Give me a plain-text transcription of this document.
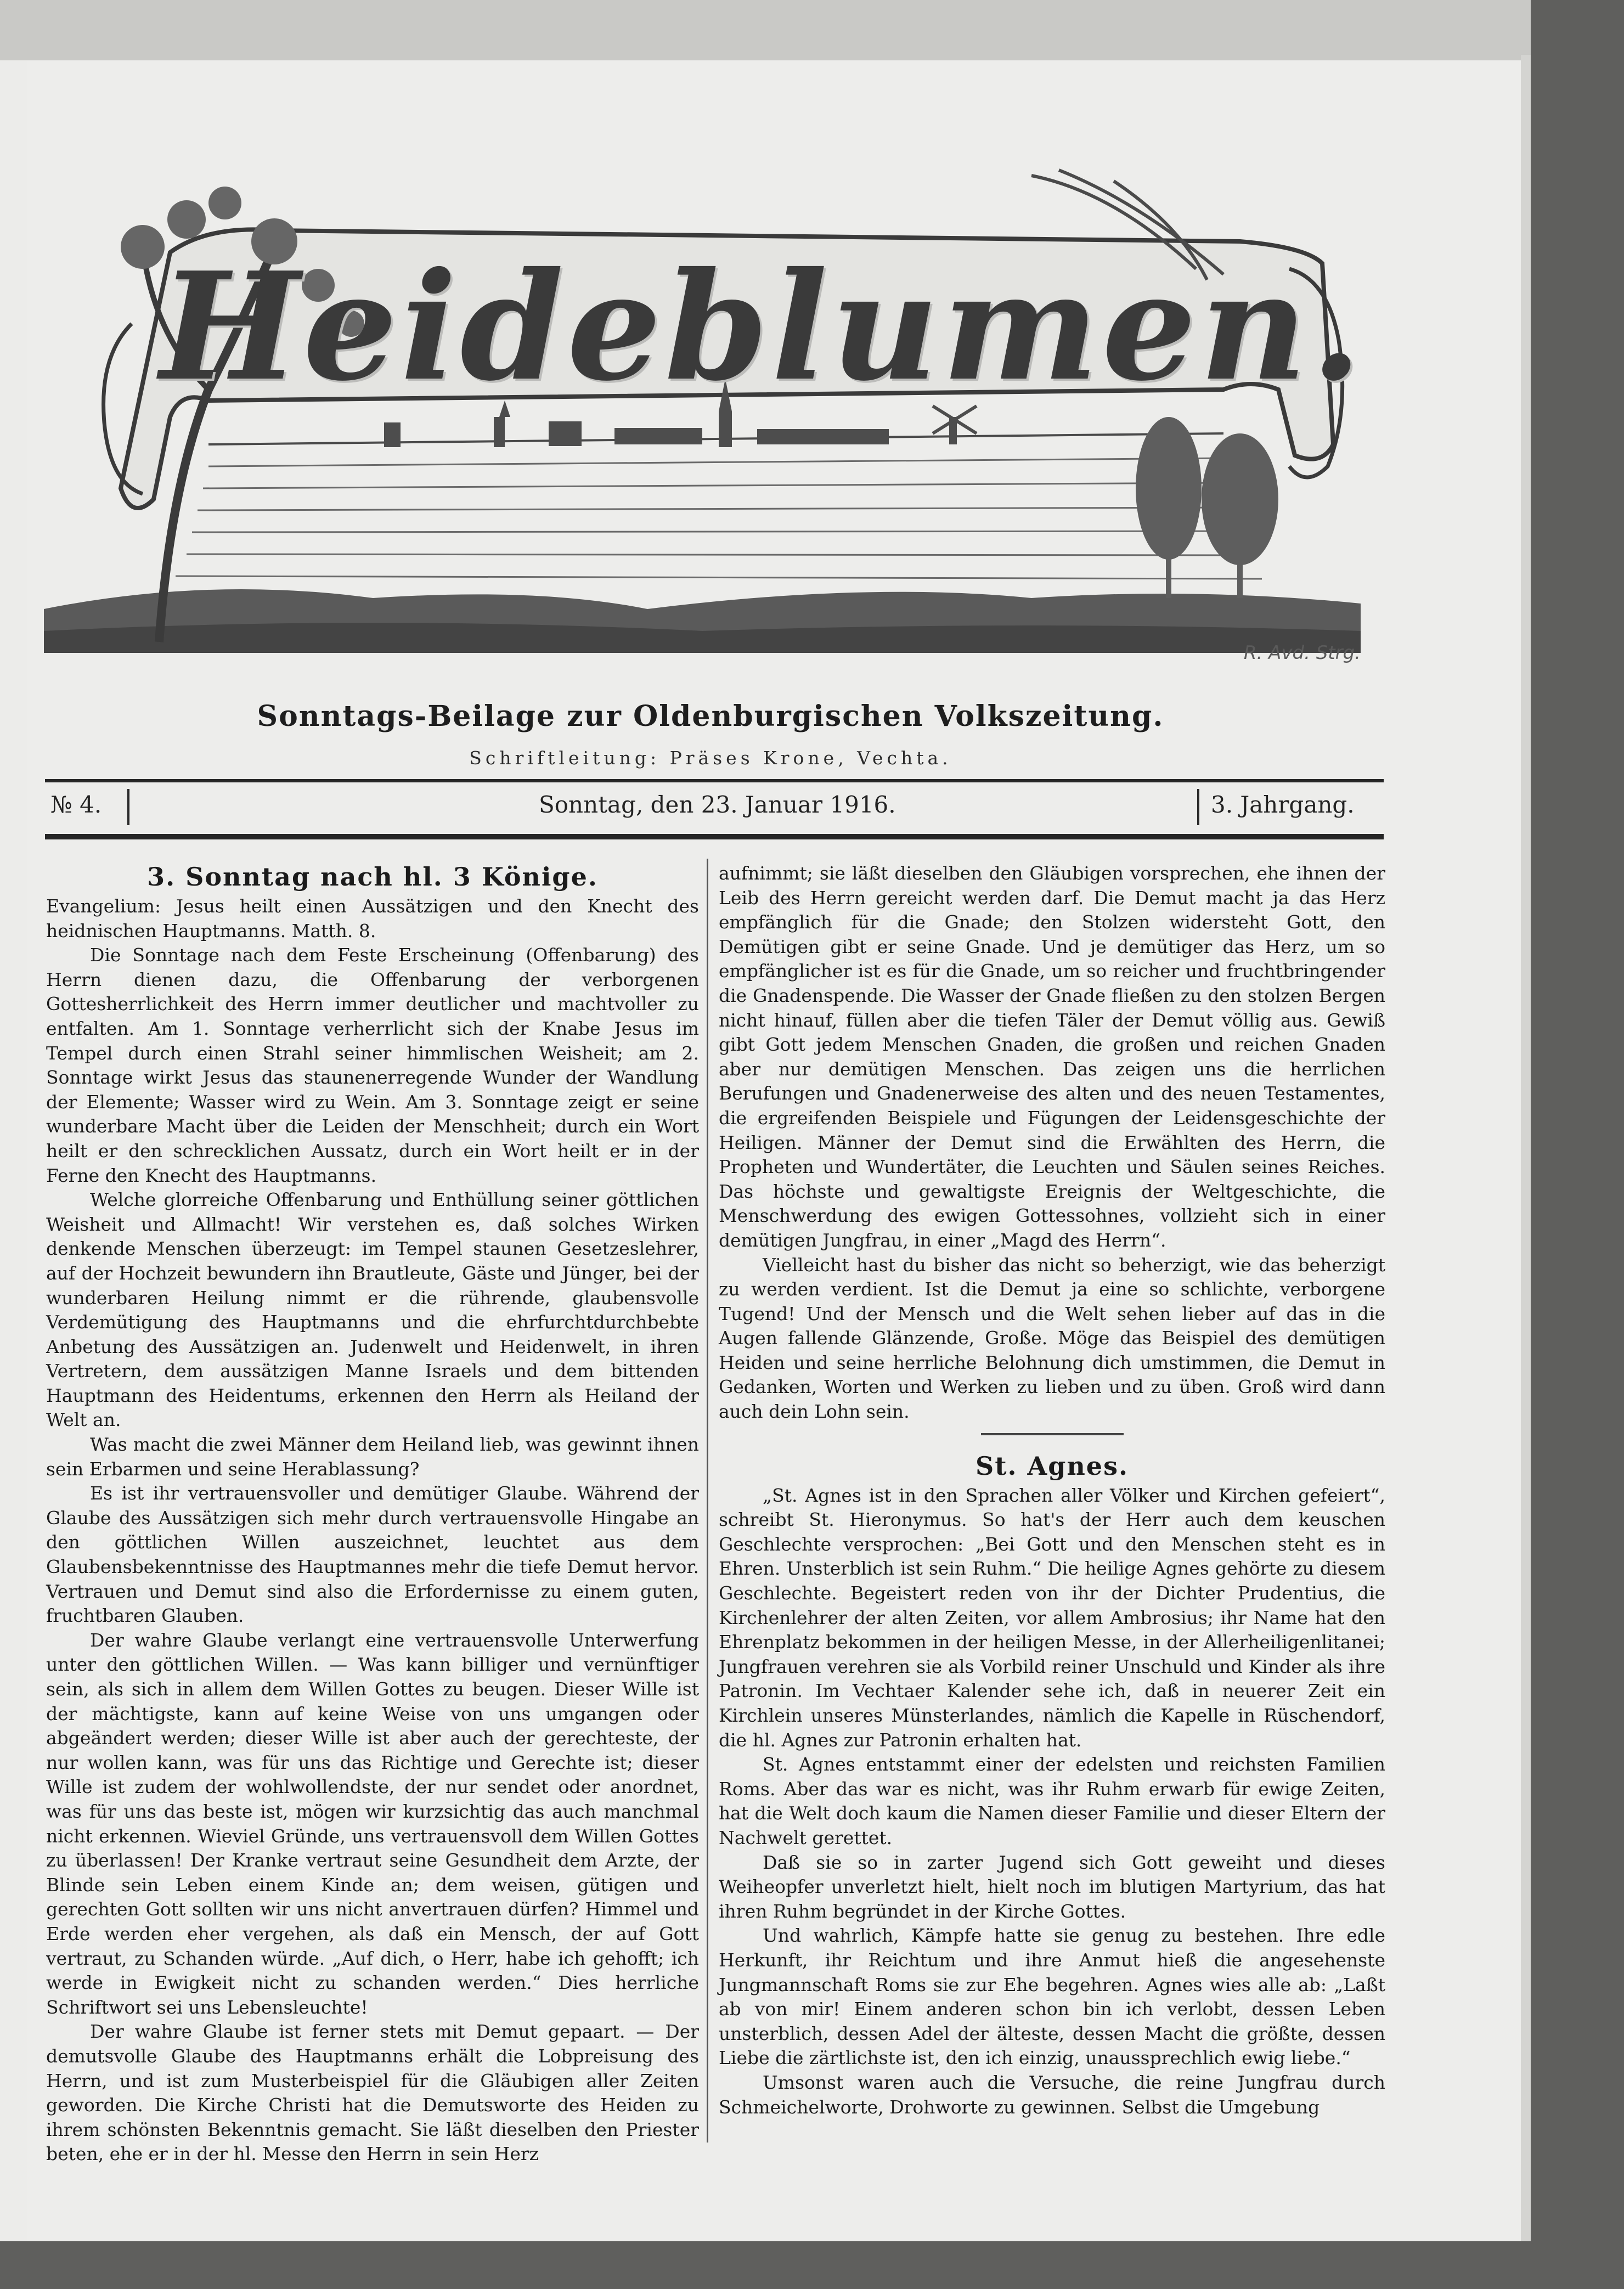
Heideblumen.
R. Avd. Strg.
Sonntags-Beilage zur Oldenburgischen Volkszeitung.
Schriftleitung: Präses Krone, Vechta.
№ 4.	Sonntag, den 23. Januar 1916.	3. Jahrgang.
3. Sonntag nach hl. 3 Könige.

Evangelium: Jesus heilt einen Aussätzigen und den Knecht des heidnischen Hauptmanns. Matth. 8.

Die Sonntage nach dem Feste Erscheinung (Offenbarung) des Herrn dienen dazu, die Offenbarung der verborgenen Gottesherrlichkeit des Herrn immer deutlicher und machtvoller zu entfalten. Am 1. Sonntage verherrlicht sich der Knabe Jesus im Tempel durch einen Strahl seiner himmlischen Weisheit; am 2. Sonntage wirkt Jesus das staunenerregende Wunder der Wandlung der Elemente; Wasser wird zu Wein. Am 3. Sonntage zeigt er seine wunderbare Macht über die Leiden der Menschheit; durch ein Wort heilt er den schrecklichen Aussatz, durch ein Wort heilt er in der Ferne den Knecht des Hauptmanns.

Welche glorreiche Offenbarung und Enthüllung seiner göttlichen Weisheit und Allmacht! Wir verstehen es, daß solches Wirken denkende Menschen überzeugt: im Tempel staunen Gesetzeslehrer, auf der Hochzeit bewundern ihn Brautleute, Gäste und Jünger, bei der wunderbaren Heilung nimmt er die rührende, glaubensvolle Verdemütigung des Hauptmanns und die ehrfurchtdurchbebte Anbetung des Aussätzigen an. Judenwelt und Heidenwelt, in ihren Vertretern, dem aussätzigen Manne Israels und dem bittenden Hauptmann des Heidentums, erkennen den Herrn als Heiland der Welt an.

Was macht die zwei Männer dem Heiland lieb, was gewinnt ihnen sein Erbarmen und seine Herablassung?

Es ist ihr vertrauensvoller und demütiger Glaube. Während der Glaube des Aussätzigen sich mehr durch vertrauensvolle Hingabe an den göttlichen Willen auszeichnet, leuchtet aus dem Glaubensbekenntnisse des Hauptmannes mehr die tiefe Demut hervor. Vertrauen und Demut sind also die Erfordernisse zu einem guten, fruchtbaren Glauben.

Der wahre Glaube verlangt eine vertrauensvolle Unterwerfung unter den göttlichen Willen. — Was kann billiger und vernünftiger sein, als sich in allem dem Willen Gottes zu beugen. Dieser Wille ist der mächtigste, kann auf keine Weise von uns umgangen oder abgeändert werden; dieser Wille ist aber auch der gerechteste, der nur wollen kann, was für uns das Richtige und Gerechte ist; dieser Wille ist zudem der wohlwollendste, der nur sendet oder anordnet, was für uns das beste ist, mögen wir kurzsichtig das auch manchmal nicht erkennen. Wieviel Gründe, uns vertrauensvoll dem Willen Gottes zu überlassen! Der Kranke vertraut seine Gesundheit dem Arzte, der Blinde sein Leben einem Kinde an; dem weisen, gütigen und gerechten Gott sollten wir uns nicht anvertrauen dürfen? Himmel und Erde werden eher vergehen, als daß ein Mensch, der auf Gott vertraut, zu Schanden würde. „Auf dich, o Herr, habe ich gehofft; ich werde in Ewigkeit nicht zu schanden werden.“ Dies herrliche Schriftwort sei uns Lebensleuchte!

Der wahre Glaube ist ferner stets mit Demut gepaart. — Der demutsvolle Glaube des Hauptmanns erhält die Lobpreisung des Herrn, und ist zum Musterbeispiel für die Gläubigen aller Zeiten geworden. Die Kirche Christi hat die Demutsworte des Heiden zu ihrem schönsten Bekenntnis gemacht. Sie läßt dieselben den Priester beten, ehe er in der hl. Messe den Herrn in sein Herz

aufnimmt; sie läßt dieselben den Gläubigen vorsprechen, ehe ihnen der Leib des Herrn gereicht werden darf. Die Demut macht ja das Herz empfänglich für die Gnade; den Stolzen widersteht Gott, den Demütigen gibt er seine Gnade. Und je demütiger das Herz, um so empfänglicher ist es für die Gnade, um so reicher und fruchtbringender die Gnadenspende. Die Wasser der Gnade fließen zu den stolzen Bergen nicht hinauf, füllen aber die tiefen Täler der Demut völlig aus. Gewiß gibt Gott jedem Menschen Gnaden, die großen und reichen Gnaden aber nur demütigen Menschen. Das zeigen uns die herrlichen Berufungen und Gnadenerweise des alten und des neuen Testamentes, die ergreifenden Beispiele und Fügungen der Leidensgeschichte der Heiligen. Männer der Demut sind die Erwählten des Herrn, die Propheten und Wundertäter, die Leuchten und Säulen seines Reiches. Das höchste und gewaltigste Ereignis der Weltgeschichte, die Menschwerdung des ewigen Gottessohnes, vollzieht sich in einer demütigen Jungfrau, in einer „Magd des Herrn“.

Vielleicht hast du bisher das nicht so beherzigt, wie das beherzigt zu werden verdient. Ist die Demut ja eine so schlichte, verborgene Tugend! Und der Mensch und die Welt sehen lieber auf das in die Augen fallende Glänzende, Große. Möge das Beispiel des demütigen Heiden und seine herrliche Belohnung dich umstimmen, die Demut in Gedanken, Worten und Werken zu lieben und zu üben. Groß wird dann auch dein Lohn sein.

St. Agnes.

„St. Agnes ist in den Sprachen aller Völker und Kirchen gefeiert“, schreibt St. Hieronymus. So hat's der Herr auch dem keuschen Geschlechte versprochen: „Bei Gott und den Menschen steht es in Ehren. Unsterblich ist sein Ruhm.“ Die heilige Agnes gehörte zu diesem Geschlechte. Begeistert reden von ihr der Dichter Prudentius, die Kirchenlehrer der alten Zeiten, vor allem Ambrosius; ihr Name hat den Ehrenplatz bekommen in der heiligen Messe, in der Allerheiligenlitanei; Jungfrauen verehren sie als Vorbild reiner Unschuld und Kinder als ihre Patronin. Im Vechtaer Kalender sehe ich, daß in neuerer Zeit ein Kirchlein unseres Münsterlandes, nämlich die Kapelle in Rüschendorf, die hl. Agnes zur Patronin erhalten hat.

St. Agnes entstammt einer der edelsten und reichsten Familien Roms. Aber das war es nicht, was ihr Ruhm erwarb für ewige Zeiten, hat die Welt doch kaum die Namen dieser Familie und dieser Eltern der Nachwelt gerettet.

Daß sie so in zarter Jugend sich Gott geweiht und dieses Weiheopfer unverletzt hielt, hielt noch im blutigen Martyrium, das hat ihren Ruhm begründet in der Kirche Gottes.

Und wahrlich, Kämpfe hatte sie genug zu bestehen. Ihre edle Herkunft, ihr Reichtum und ihre Anmut hieß die angesehenste Jungmannschaft Roms sie zur Ehe begehren. Agnes wies alle ab: „Laßt ab von mir! Einem anderen schon bin ich verlobt, dessen Leben unsterblich, dessen Adel der älteste, dessen Macht die größte, dessen Liebe die zärtlichste ist, den ich einzig, unaussprechlich ewig liebe.“

Umsonst waren auch die Versuche, die reine Jungfrau durch Schmeichelworte, Drohworte zu gewinnen. Selbst die Umgebung
